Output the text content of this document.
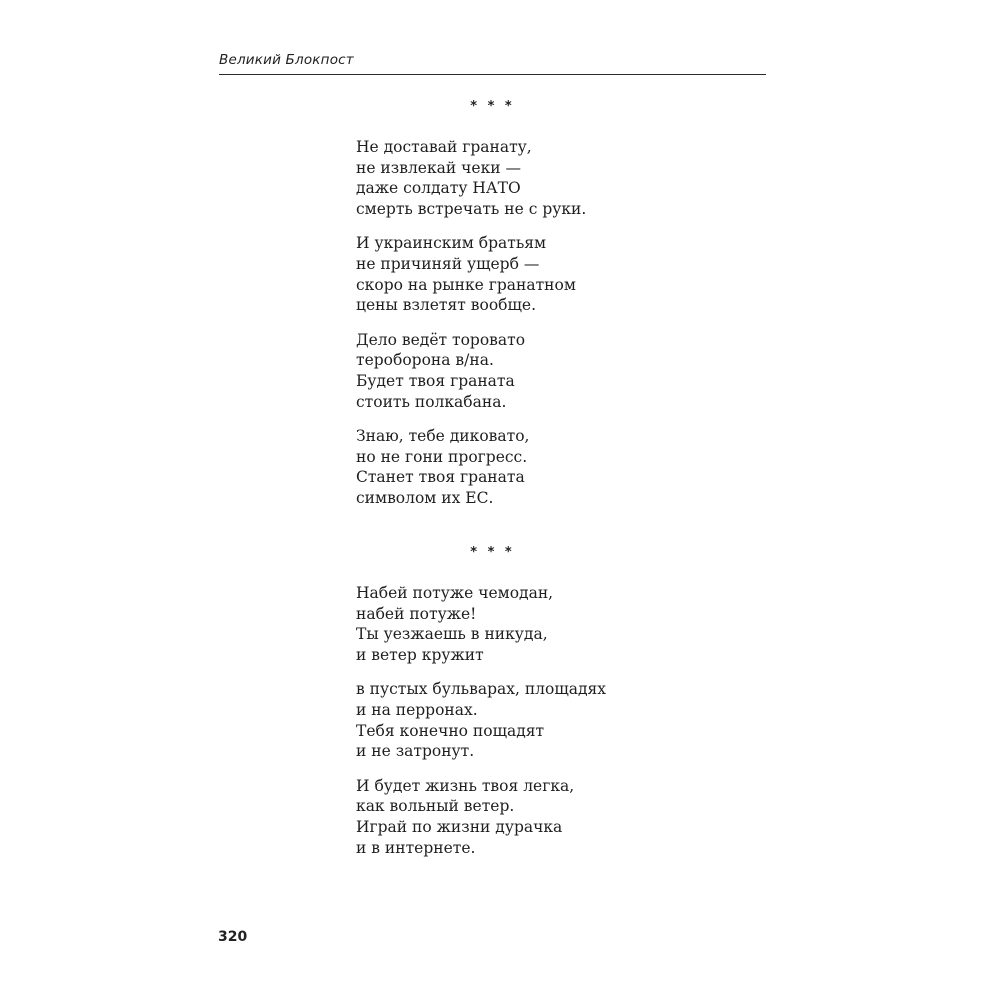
Великий Блокпост
* * *
Не доставай гранату,
не извлекай чеки —
даже солдату НАТО
смерть встречать не с руки.
И украинским братьям
не причиняй ущерб —
скоро на рынке гранатном
цены взлетят вообще.
Дело ведёт торовато
тероборона в/на.
Будет твоя граната
стоить полкабана.
Знаю, тебе диковато,
но не гони прогресс.
Станет твоя граната
символом их ЕС.
* * *
Набей потуже чемодан,
набей потуже!
Ты уезжаешь в никуда,
и ветер кружит
в пустых бульварах, площадях
и на перронах.
Тебя конечно пощадят
и не затронут.
И будет жизнь твоя легка,
как вольный ветер.
Играй по жизни дурачка
и в интернете.
320
